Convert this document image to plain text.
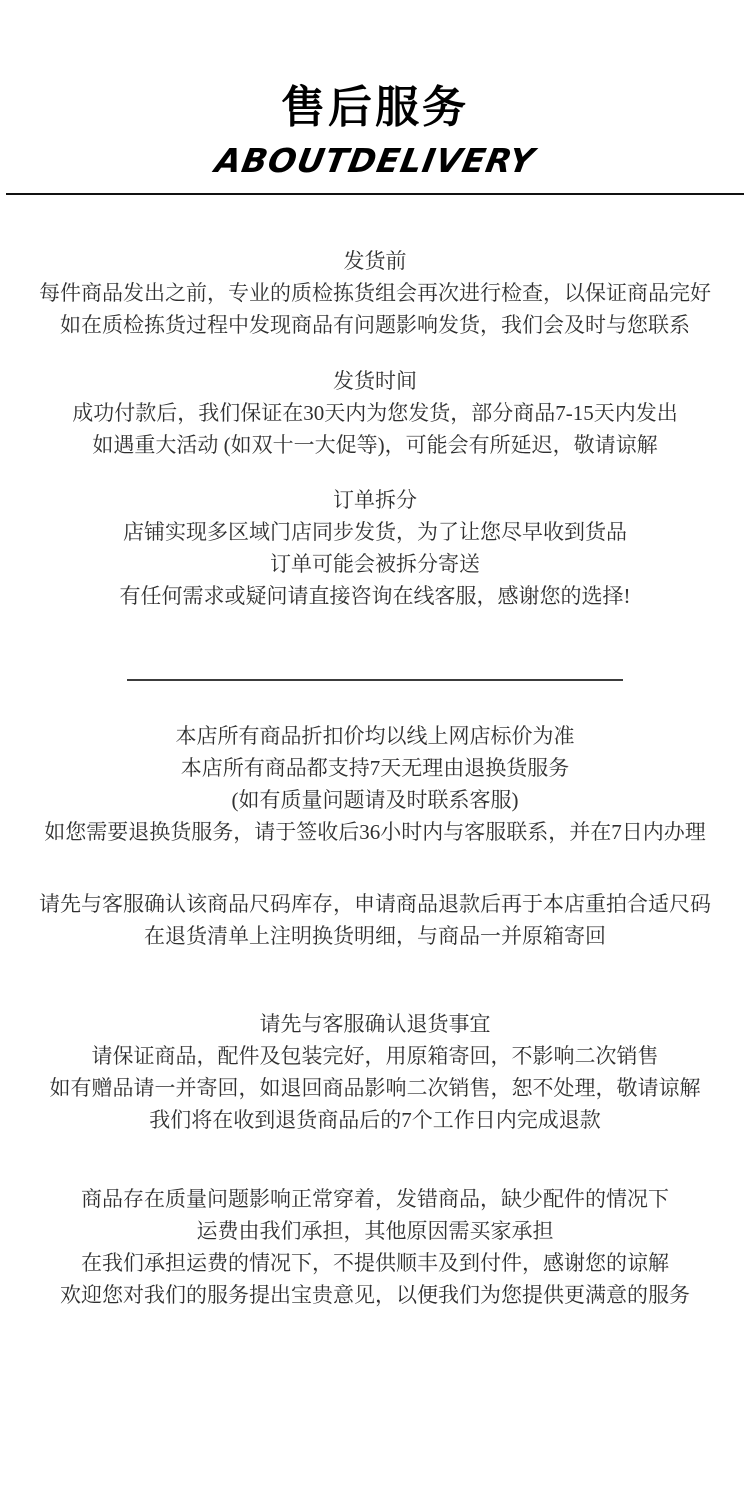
售后服务
ABOUTDELIVERY

发货前

每件商品发出之前，专业的质检拣货组会再次进行检查，以保证商品完好

如在质检拣货过程中发现商品有问题影响发货，我们会及时与您联系

发货时间

成功付款后，我们保证在30天内为您发货，部分商品7-15天内发出

如遇重大活动 (如双十一大促等)，可能会有所延迟，敬请谅解

订单拆分

店铺实现多区域门店同步发货，为了让您尽早收到货品

订单可能会被拆分寄送

有任何需求或疑问请直接咨询在线客服，感谢您的选择!

本店所有商品折扣价均以线上网店标价为准

本店所有商品都支持7天无理由退换货服务

(如有质量问题请及时联系客服)

如您需要退换货服务，请于签收后36小时内与客服联系，并在7日内办理

请先与客服确认该商品尺码库存，申请商品退款后再于本店重拍合适尺码

在退货清单上注明换货明细，与商品一并原箱寄回

请先与客服确认退货事宜

请保证商品，配件及包装完好，用原箱寄回，不影响二次销售

如有赠品请一并寄回，如退回商品影响二次销售，恕不处理，敬请谅解

我们将在收到退货商品后的7个工作日内完成退款

商品存在质量问题影响正常穿着，发错商品，缺少配件的情况下

运费由我们承担，其他原因需买家承担

在我们承担运费的情况下，不提供顺丰及到付件，感谢您的谅解

欢迎您对我们的服务提出宝贵意见，以便我们为您提供更满意的服务
